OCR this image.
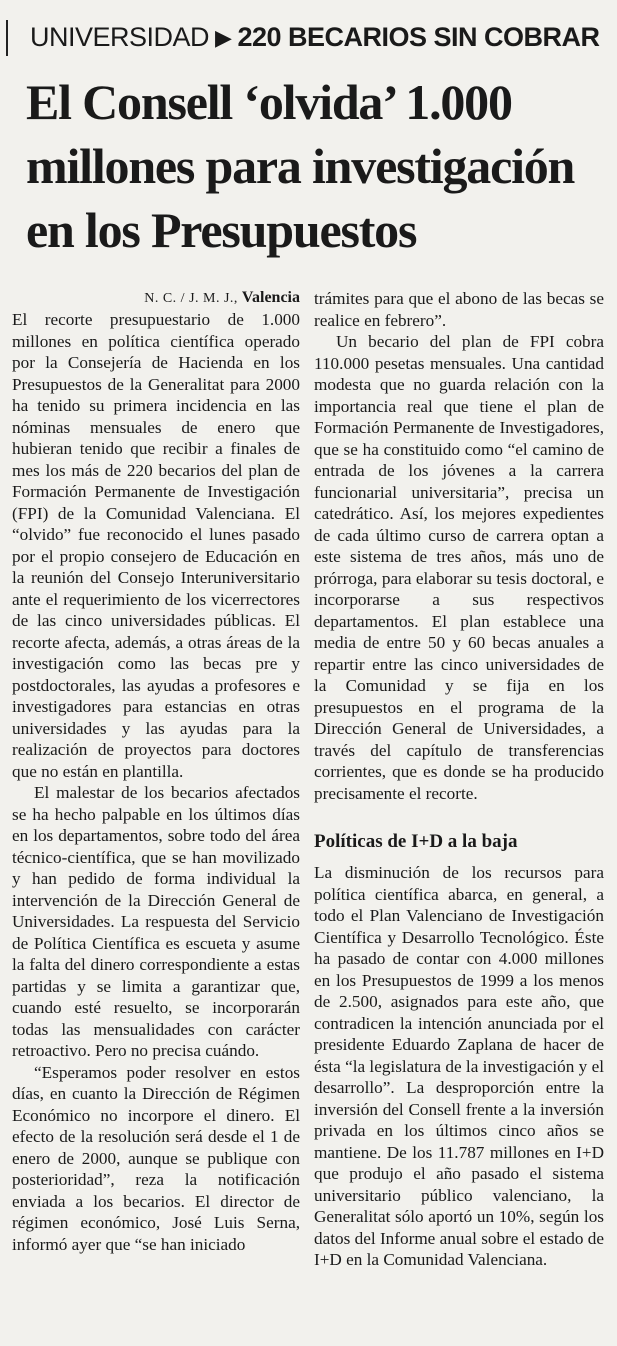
UNIVERSIDAD ▶ 220 BECARIOS SIN COBRAR
El Consell ‘olvida’ 1.000 millones para investigación en los Presupuestos
N. C. / J. M. J., Valencia

El recorte presupuestario de 1.000 millones en política científica operado por la Consejería de Hacienda en los Presupuestos de la Generalitat para 2000 ha tenido su primera incidencia en las nóminas mensuales de enero que hubieran tenido que recibir a finales de mes los más de 220 becarios del plan de Formación Permanente de Investigación (FPI) de la Comunidad Valenciana. El “olvido” fue reconocido el lunes pasado por el propio consejero de Educación en la reunión del Consejo Interuniversitario ante el requerimiento de los vicerrectores de las cinco universidades públicas. El recorte afecta, además, a otras áreas de la investigación como las becas pre y postdoctorales, las ayudas a profesores e investigadores para estancias en otras universidades y las ayudas para la realización de proyectos para doctores que no están en plantilla.

El malestar de los becarios afectados se ha hecho palpable en los últimos días en los departamentos, sobre todo del área técnico-científica, que se han movilizado y han pedido de forma individual la intervención de la Dirección General de Universidades. La respuesta del Servicio de Política Científica es escueta y asume la falta del dinero correspondiente a estas partidas y se limita a garantizar que, cuando esté resuelto, se incorporarán todas las mensualidades con carácter retroactivo. Pero no precisa cuándo.

“Esperamos poder resolver en estos días, en cuanto la Dirección de Régimen Económico no incorpore el dinero. El efecto de la resolución será desde el 1 de enero de 2000, aunque se publique con posterioridad”, reza la notificación enviada a los becarios. El director de régimen económico, José Luis Serna, informó ayer que “se han iniciado

trámites para que el abono de las becas se realice en febrero”.

Un becario del plan de FPI cobra 110.000 pesetas mensuales. Una cantidad modesta que no guarda relación con la importancia real que tiene el plan de Formación Permanente de Investigadores, que se ha constituido como “el camino de entrada de los jóvenes a la carrera funcionarial universitaria”, precisa un catedrático. Así, los mejores expedientes de cada último curso de carrera optan a este sistema de tres años, más uno de prórroga, para elaborar su tesis doctoral, e incorporarse a sus respectivos departamentos. El plan establece una media de entre 50 y 60 becas anuales a repartir entre las cinco universidades de la Comunidad y se fija en los presupuestos en el programa de la Dirección General de Universidades, a través del capítulo de transferencias corrientes, que es donde se ha producido precisamente el recorte.

Políticas de I+D a la baja

La disminución de los recursos para política científica abarca, en general, a todo el Plan Valenciano de Investigación Científica y Desarrollo Tecnológico. Éste ha pasado de contar con 4.000 millones en los Presupuestos de 1999 a los menos de 2.500, asignados para este año, que contradicen la intención anunciada por el presidente Eduardo Zaplana de hacer de ésta “la legislatura de la investigación y el desarrollo”. La desproporción entre la inversión del Consell frente a la inversión privada en los últimos cinco años se mantiene. De los 11.787 millones en I+D que produjo el año pasado el sistema universitario público valenciano, la Generalitat sólo aportó un 10%, según los datos del Informe anual sobre el estado de I+D en la Comunidad Valenciana.
